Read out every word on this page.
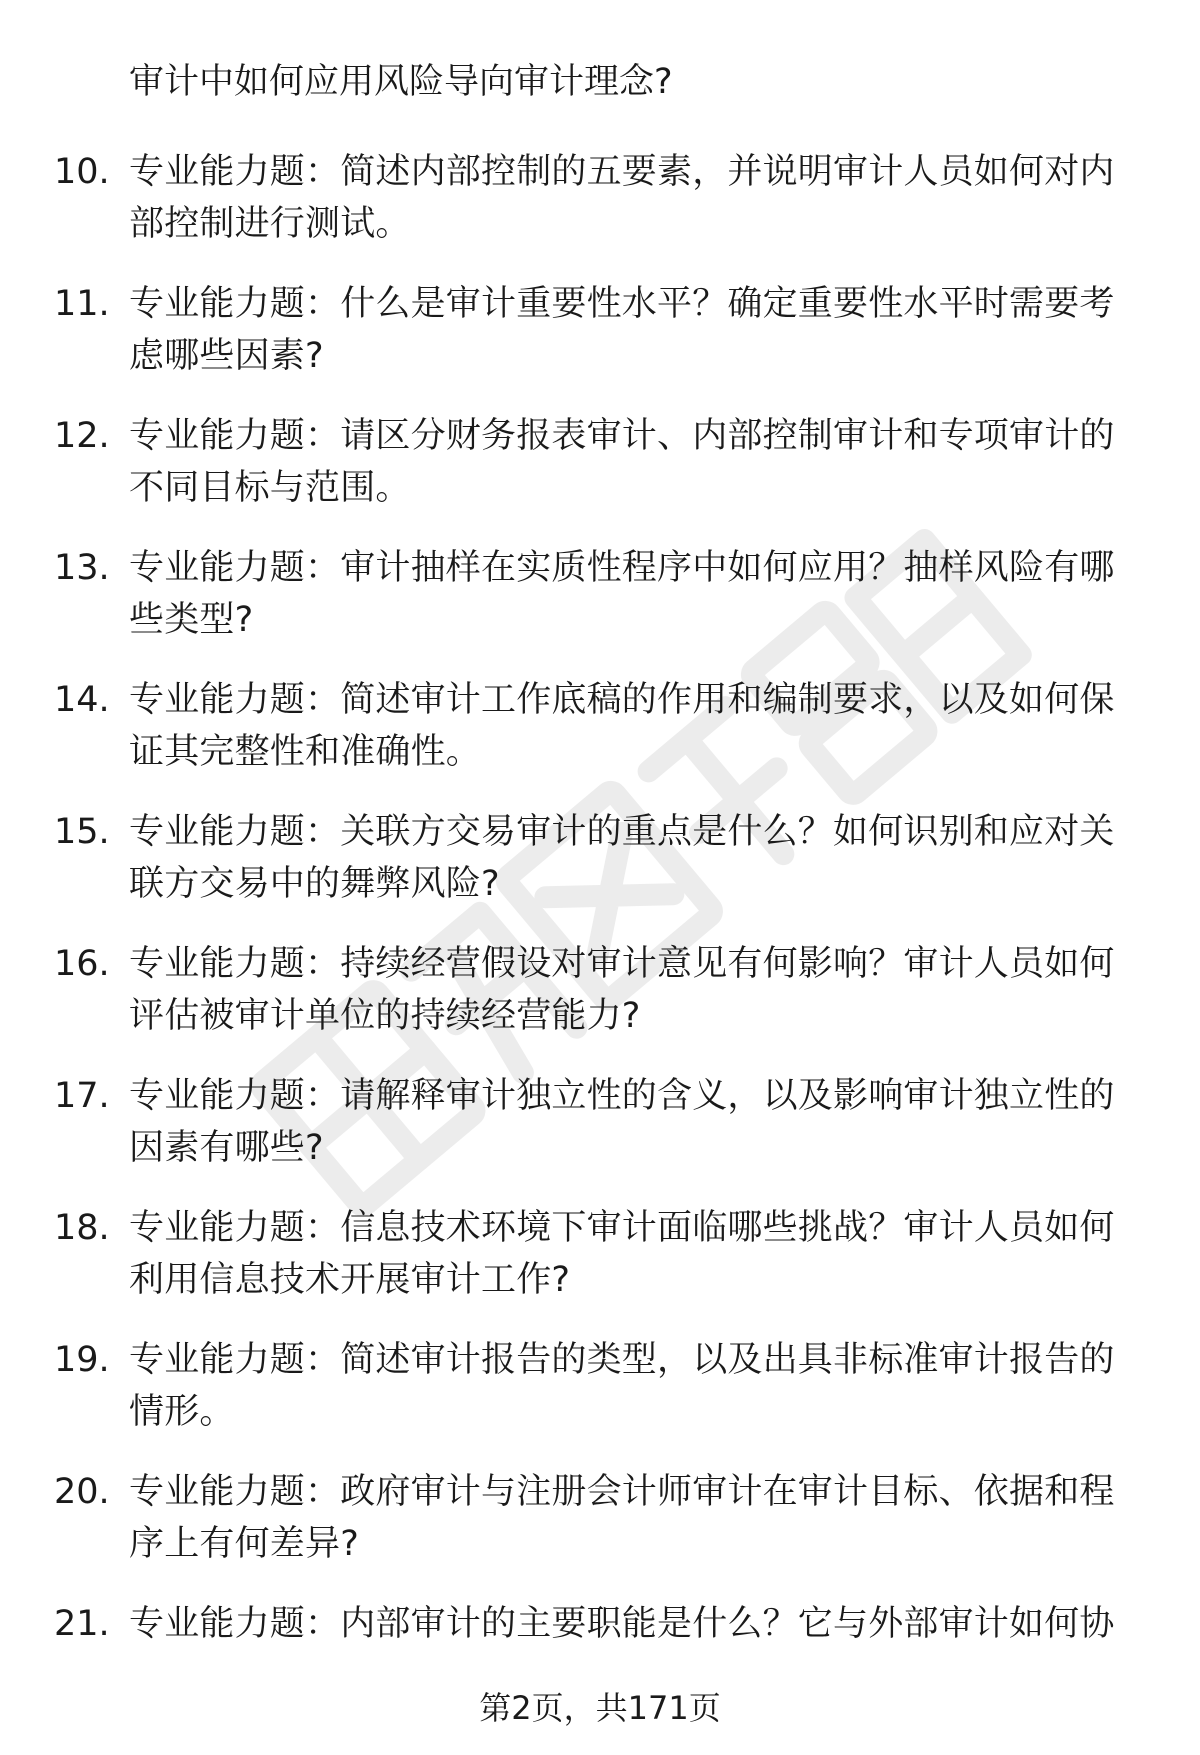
审计中如何应用风险导向审计理念?

10. 专业能力题：简述内部控制的五要素，并说明审计人员如何对内部控制进行测试。

11. 专业能力题：什么是审计重要性水平？确定重要性水平时需要考虑哪些因素?

12. 专业能力题：请区分财务报表审计、内部控制审计和专项审计的不同目标与范围。

13. 专业能力题：审计抽样在实质性程序中如何应用？抽样风险有哪些类型?

14. 专业能力题：简述审计工作底稿的作用和编制要求，以及如何保证其完整性和准确性。

15. 专业能力题：关联方交易审计的重点是什么？如何识别和应对关联方交易中的舞弊风险?

16. 专业能力题：持续经营假设对审计意见有何影响？审计人员如何评估被审计单位的持续经营能力?

17. 专业能力题：请解释审计独立性的含义，以及影响审计独立性的因素有哪些?

18. 专业能力题：信息技术环境下审计面临哪些挑战？审计人员如何利用信息技术开展审计工作?

19. 专业能力题：简述审计报告的类型，以及出具非标准审计报告的情形。

20. 专业能力题：政府审计与注册会计师审计在审计目标、依据和程序上有何差异?

21. 专业能力题：内部审计的主要职能是什么？它与外部审计如何协

第2页，共171页
